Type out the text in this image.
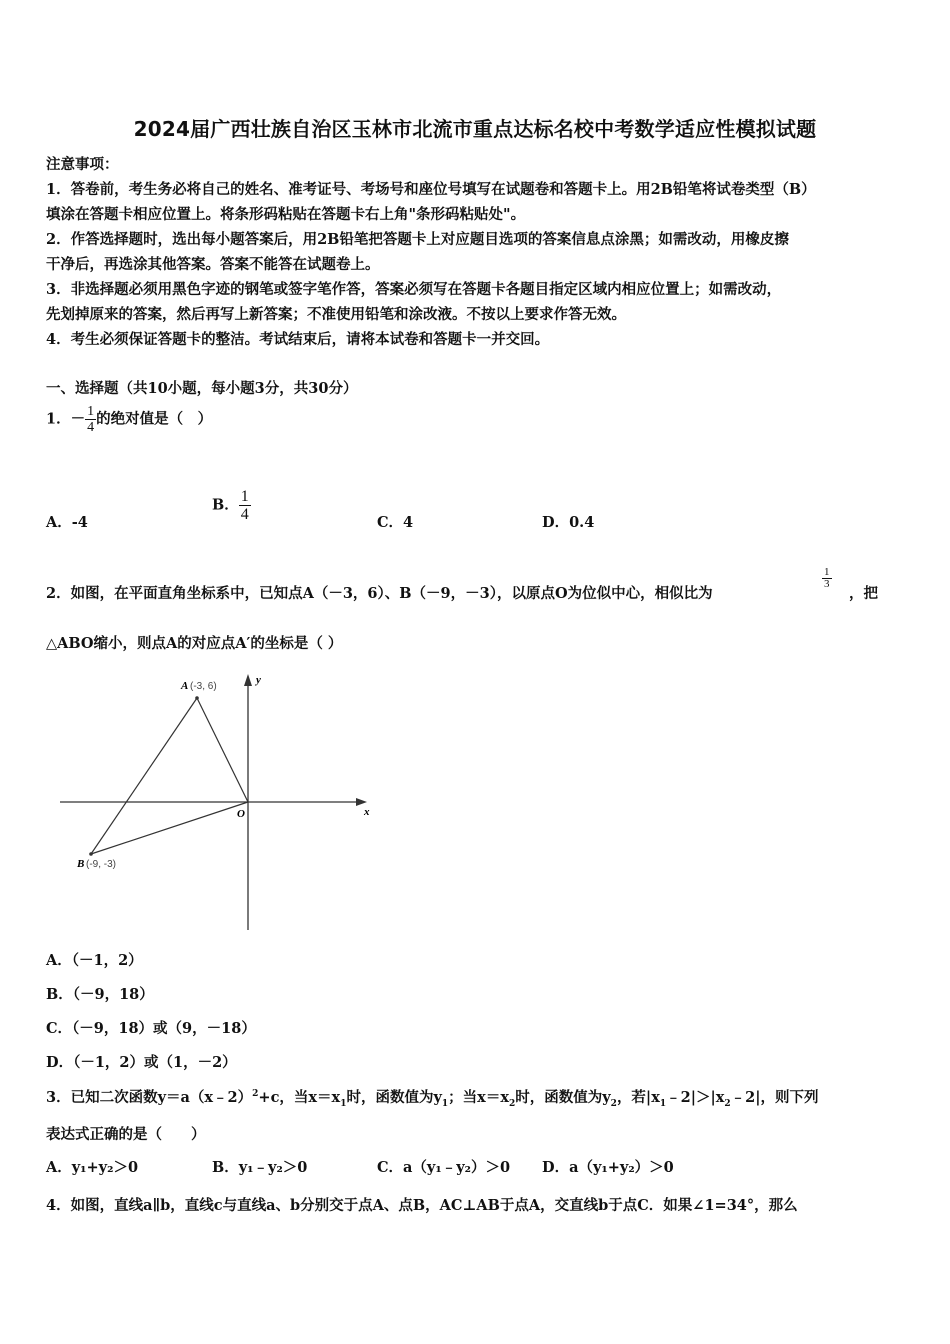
2024届广西壮族自治区玉林市北流市重点达标名校中考数学适应性模拟试题
注意事项：
1．答卷前，考生务必将自己的姓名、准考证号、考场号和座位号填写在试题卷和答题卡上。用2B铅笔将试卷类型（B）
填涂在答题卡相应位置上。将条形码粘贴在答题卡右上角"条形码粘贴处"。
2．作答选择题时，选出每小题答案后，用2B铅笔把答题卡上对应题目选项的答案信息点涂黑；如需改动，用橡皮擦
干净后，再选涂其他答案。答案不能答在试题卷上。
3．非选择题必须用黑色字迹的钢笔或签字笔作答，答案必须写在答题卡各题目指定区域内相应位置上；如需改动，
先划掉原来的答案，然后再写上新答案；不准使用铅笔和涂改液。不按以上要求作答无效。
4．考生必须保证答题卡的整洁。考试结束后，请将本试卷和答题卡一并交回。
一、选择题（共10小题，每小题3分，共30分）
1．－ $\frac{1}{4}$ 的绝对值是（　）
A．-4
B． $\frac{1}{4}$	C．4	D．0.4
2．如图，在平面直角坐标系中，已知点A（－3，6）、B（－9，－3），以原点O为位似中心，相似比为
$\frac{1}{3}$
，把
△ABO缩小，则点A的对应点A′的坐标是（ ）
A (-3, 6)
B (-9, -3)
O	x
y
A．（－1，2）
B．（－9，18）
C．（－9，18）或（9，－18）
D．（－1，2）或（1，－2）
3．已知二次函数y＝a（x﹣2）$^2$+c，当$x=x_1$时，函数值为$y_1$；当$x=x_2$时，函数值为$y_2$，若$|x_1﹣2|>|x_2﹣2|$，则下列
表达式正确的是（　　）
A．y₁+y₂＞0	B．y₁﹣y₂＞0	C．a（y₁﹣y₂）＞0 D．a（y₁+y₂）＞0
4．如图，直线a∥b，直线c与直线a、b分别交于点A、点B，AC⊥AB于点A，交直线b于点C．如果∠1=34°，那么
